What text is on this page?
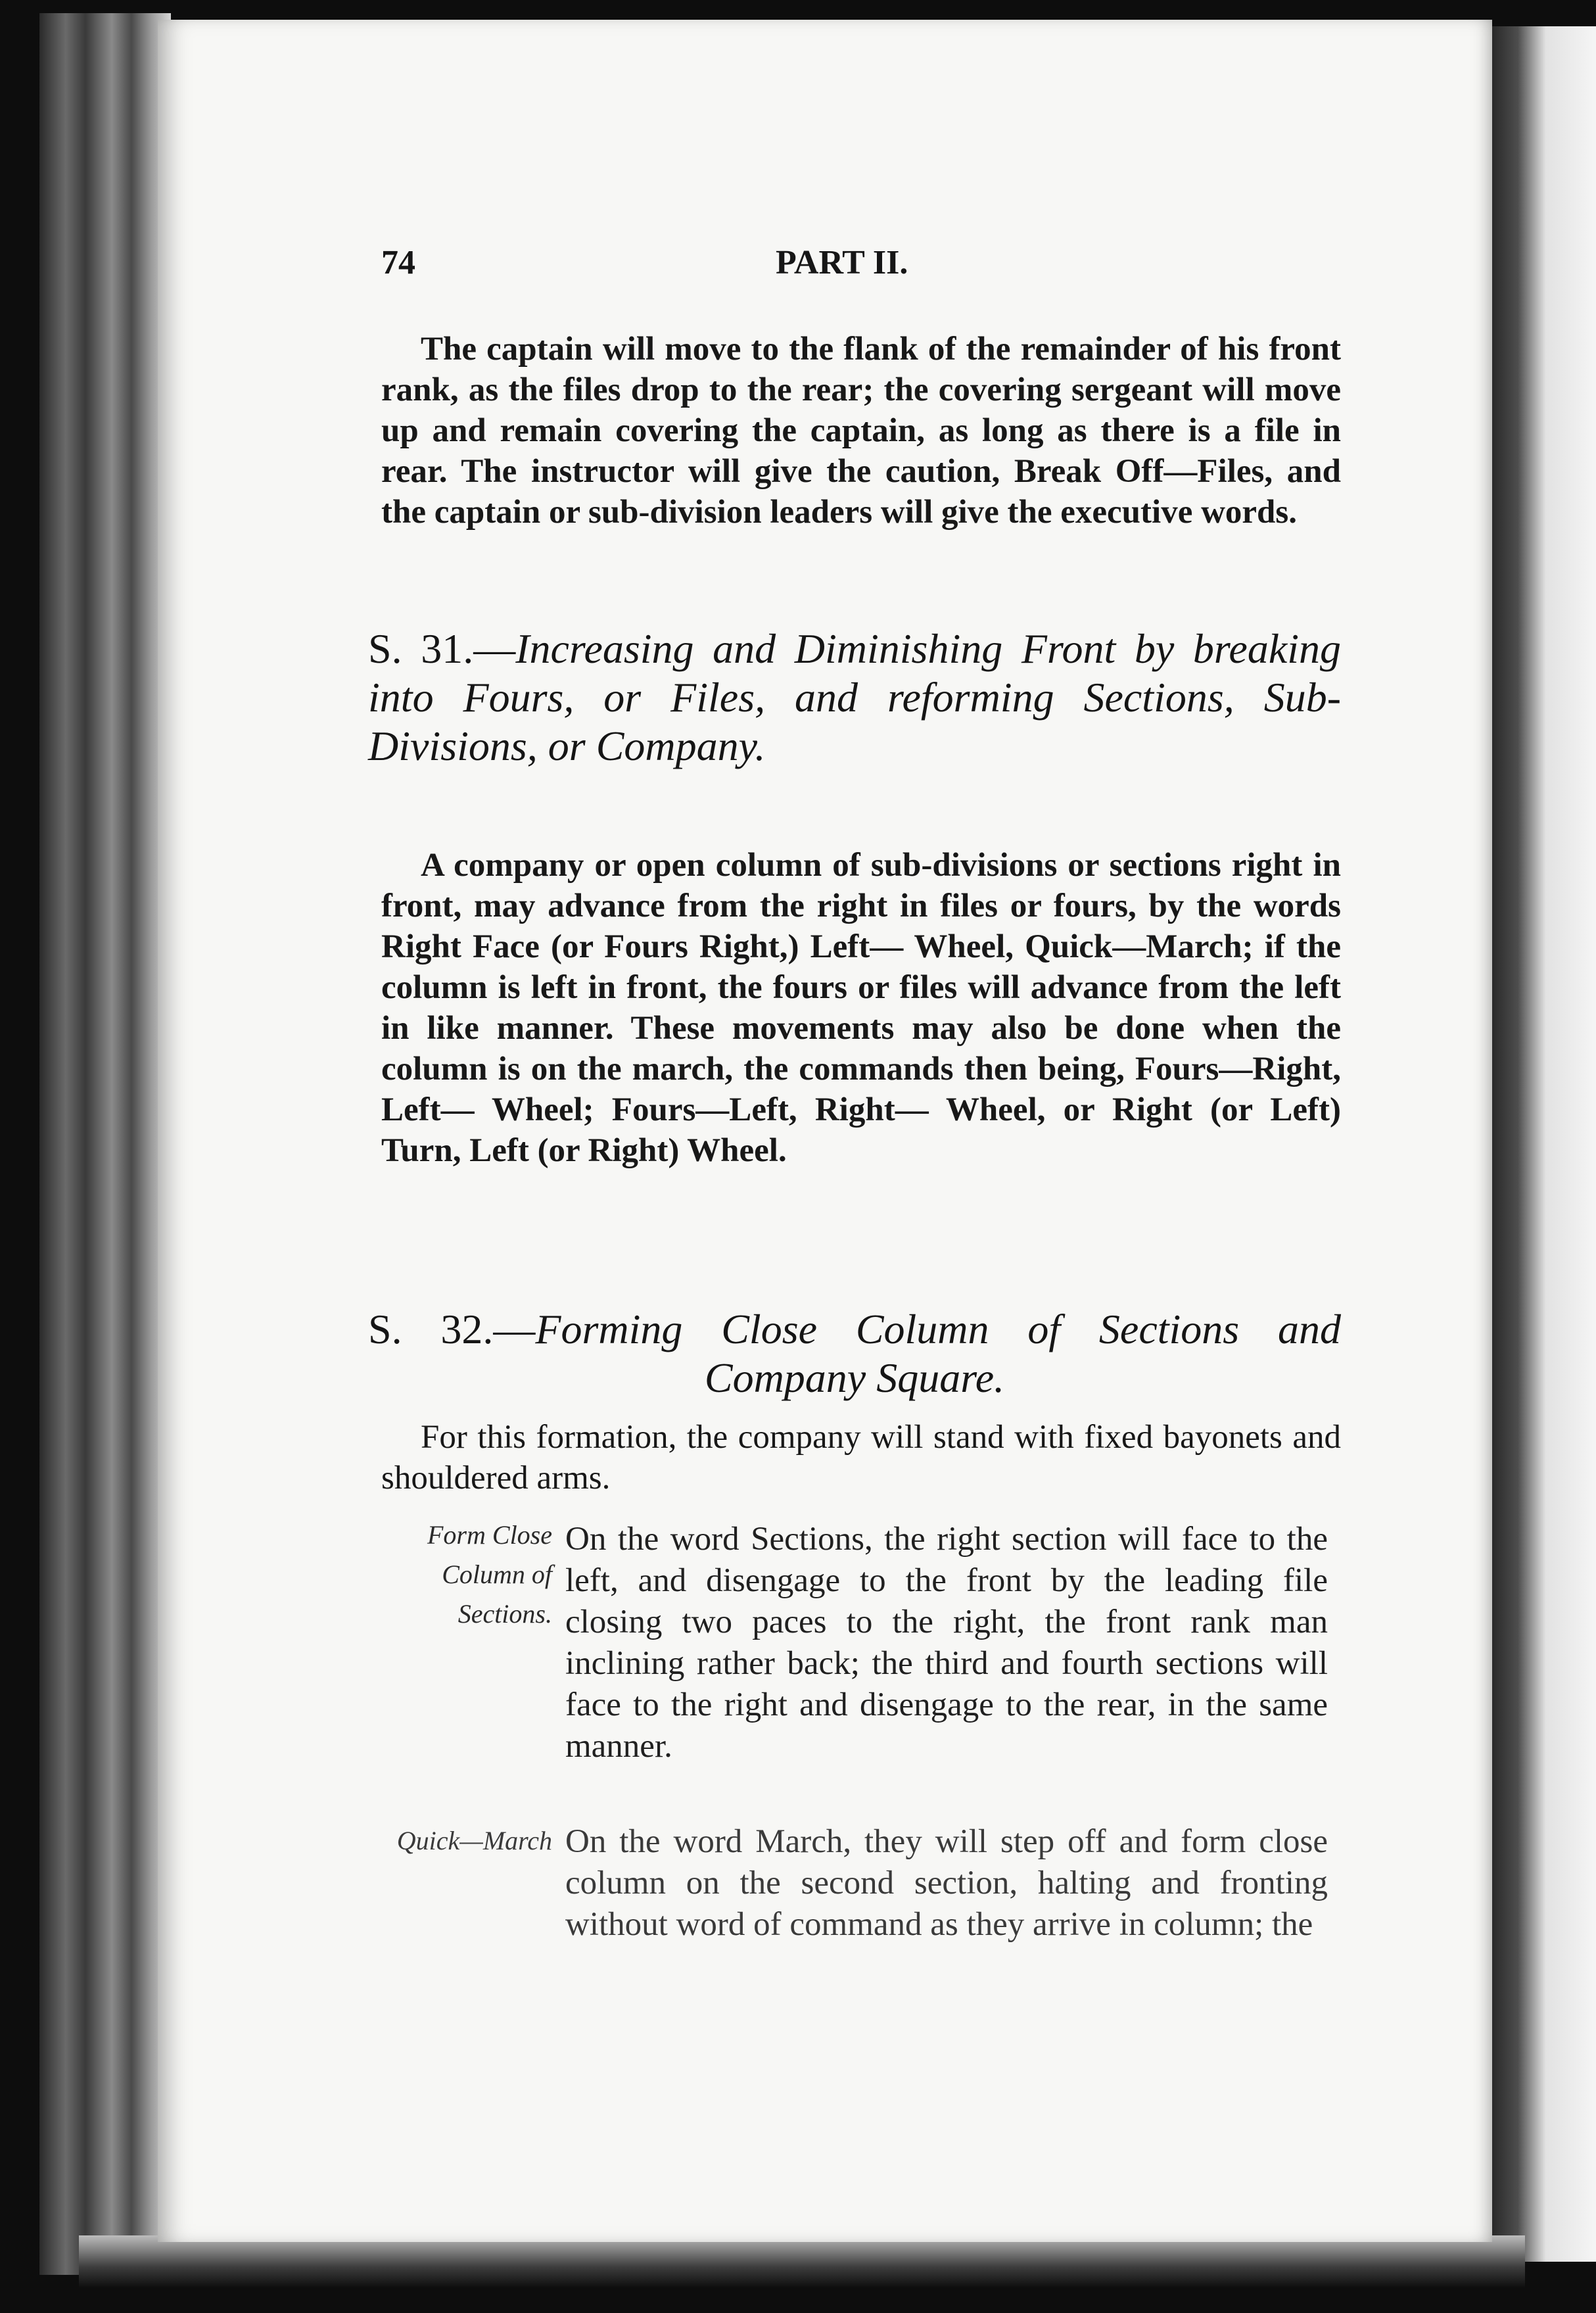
74	PART II.

The captain will move to the flank of the remainder of his front rank, as the files drop to the rear; the covering sergeant will move up and remain covering the captain, as long as there is a file in rear. The instructor will give the caution, Break Off—Files, and the captain or sub-division leaders will give the executive words.

S. 31.—Increasing and Diminishing Front by breaking into Fours, or Files, and reforming Sections, Sub-Divisions, or Company.

A company or open column of sub-divisions or sections right in front, may advance from the right in files or fours, by the words Right Face (or Fours Right,) Left— Wheel, Quick—March; if the column is left in front, the fours or files will advance from the left in like manner. These movements may also be done when the column is on the march, the commands then being, Fours—Right, Left— Wheel; Fours—Left, Right— Wheel, or Right (or Left) Turn, Left (or Right) Wheel.

S. 32.—Forming Close Column of Sections and Company Square.

For this formation, the company will stand with fixed bayonets and shouldered arms.

Form Close Column of Sections.

On the word Sections, the right section will face to the left, and disengage to the front by the leading file closing two paces to the right, the front rank man inclining rather back; the third and fourth sections will face to the right and disengage to the rear, in the same manner.

Quick—March On the word March, they will step off and form close column on the second section, halting and fronting without word of command as they arrive in column; the
